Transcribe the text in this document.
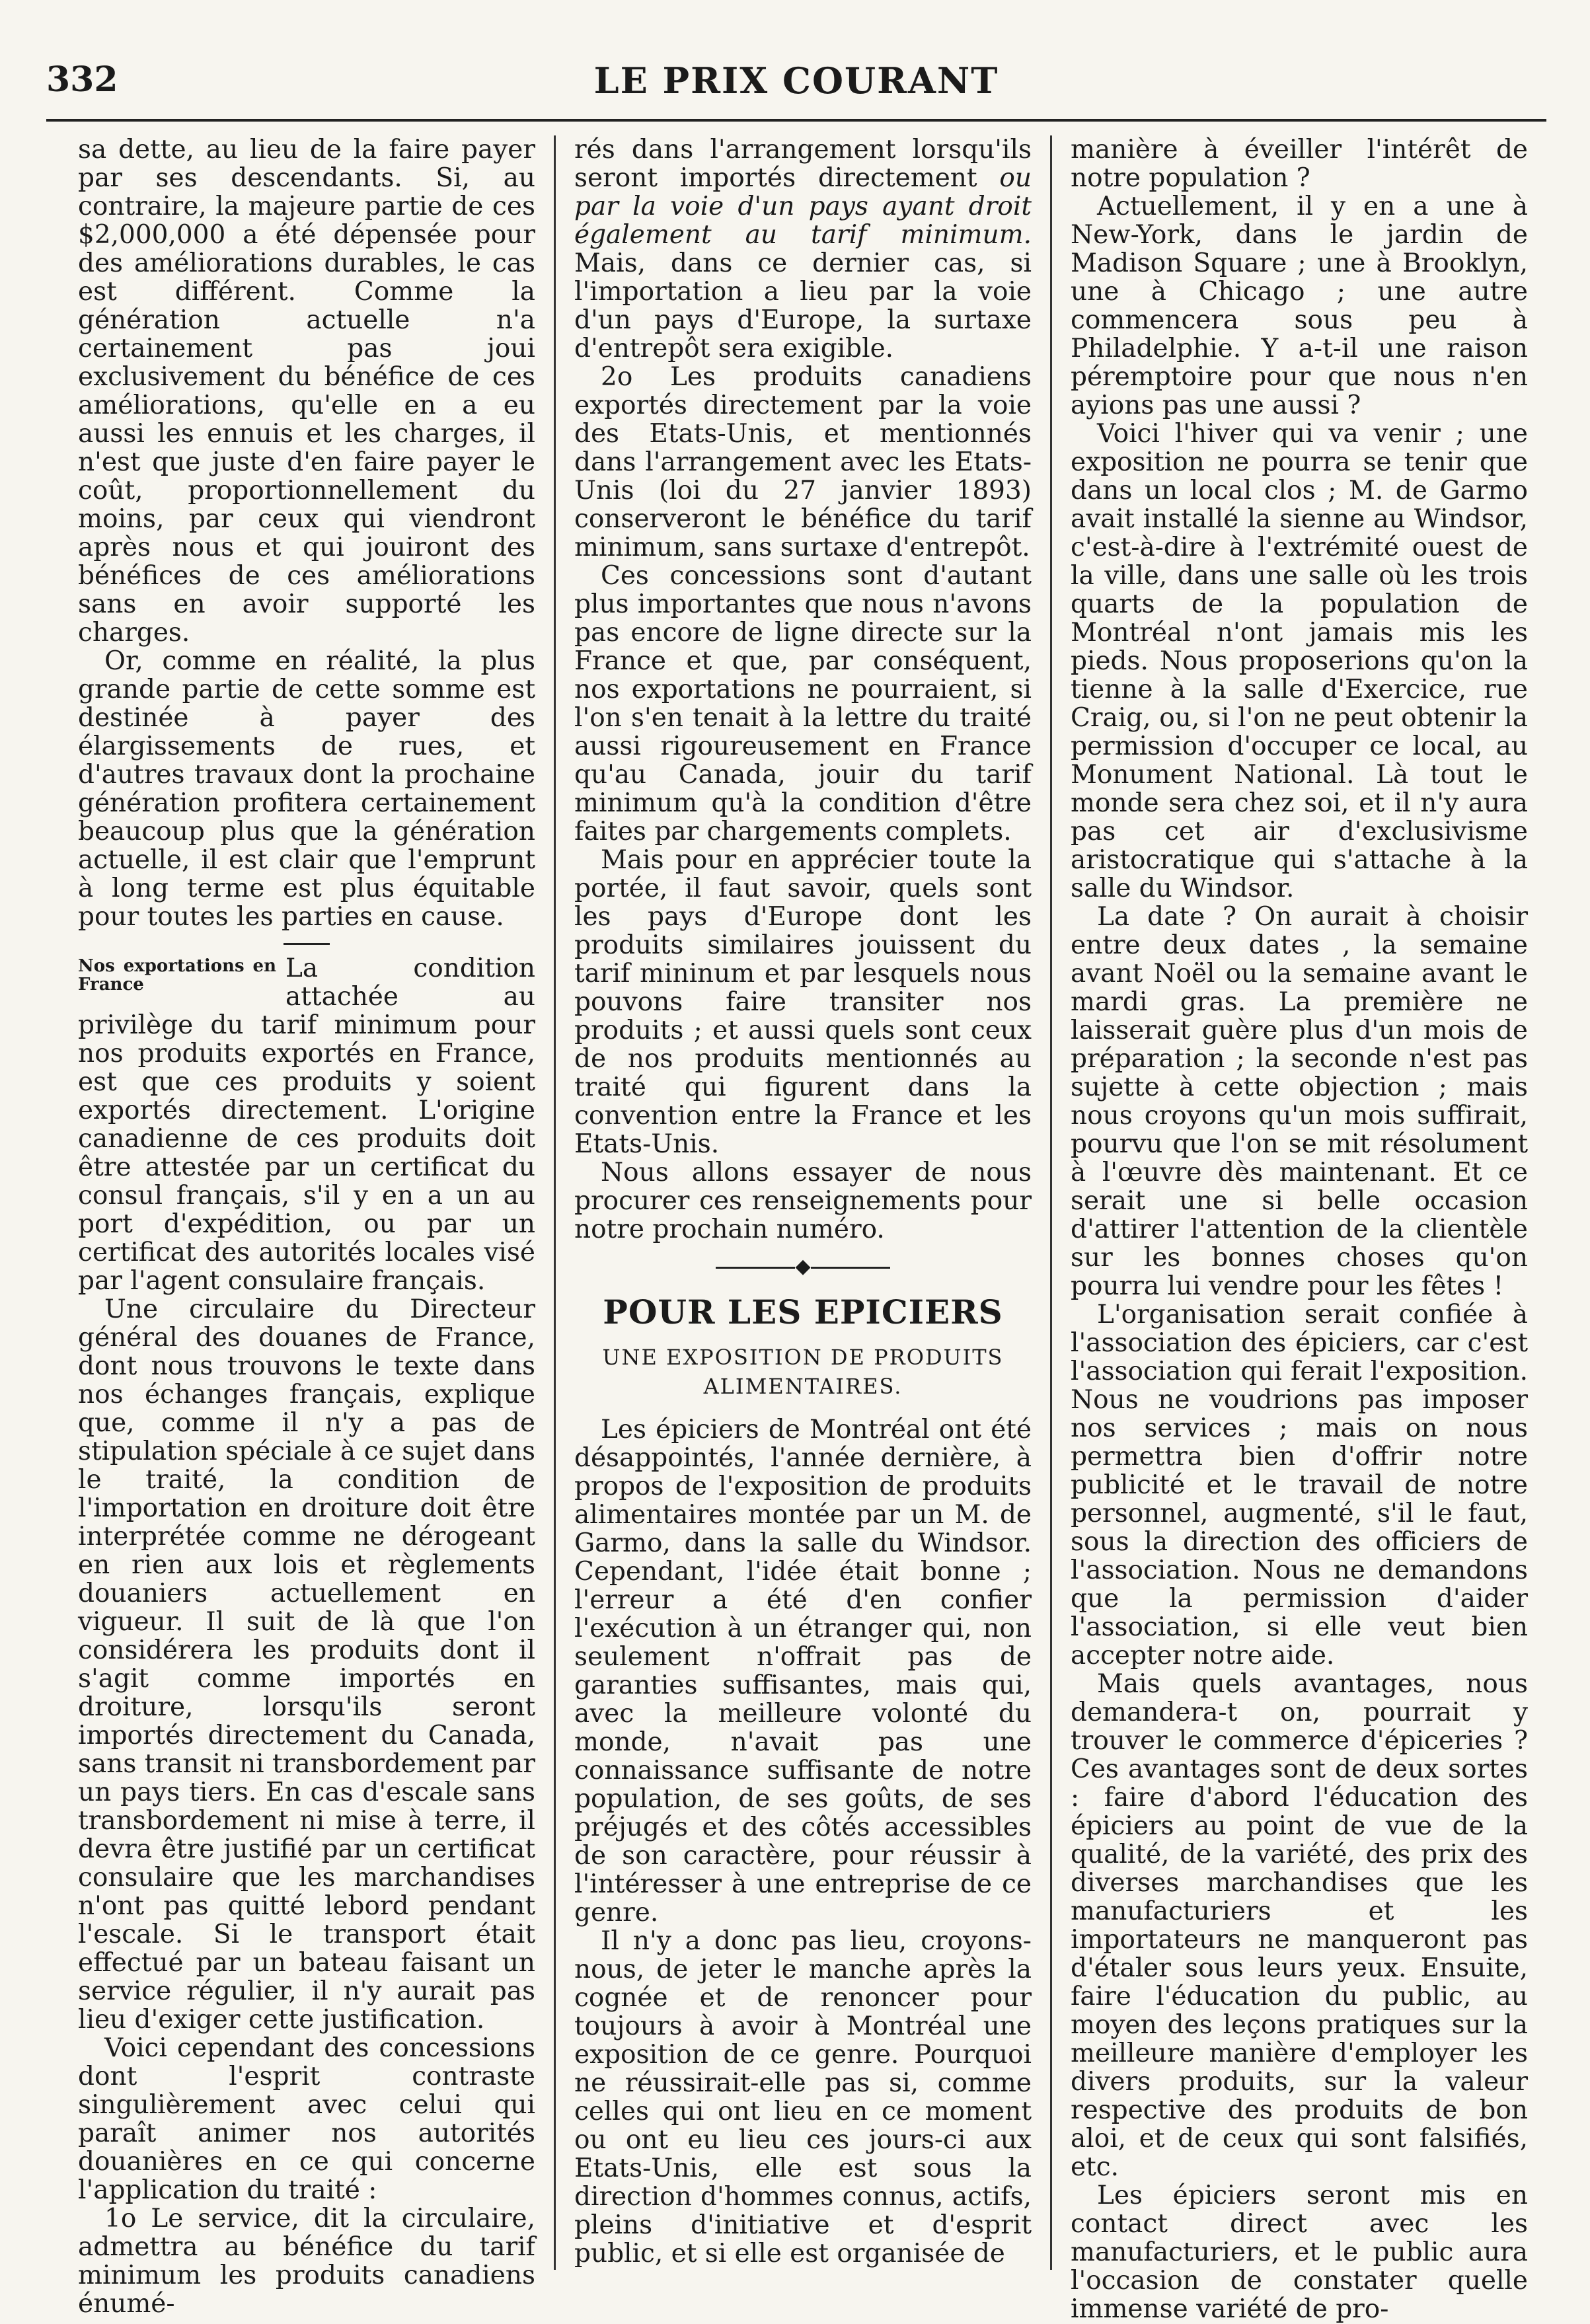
332	LE PRIX COURANT

sa dette, au lieu de la faire payer par ses descendants. Si, au contraire, la majeure partie de ces $2,000,000 a été dépensée pour des améliorations durables, le cas est différent. Comme la génération actuelle n'a certainement pas joui exclusivement du bénéfice de ces améliorations, qu'elle en a eu aussi les ennuis et les charges, il n'est que juste d'en faire payer le coût, proportionnellement du moins, par ceux qui viendront après nous et qui jouiront des bénéfices de ces améliorations sans en avoir supporté les charges.

Or, comme en réalité, la plus grande partie de cette somme est destinée à payer des élargissements de rues, et d'autres travaux dont la prochaine génération profitera certainement beaucoup plus que la génération actuelle, il est clair que l'emprunt à long terme est plus équitable pour toutes les parties en cause.

Nos exportations en France
La condition attachée au privilège du tarif minimum pour nos produits exportés en France, est que ces produits y soient exportés directement. L'origine canadienne de ces produits doit être attestée par un certificat du consul français, s'il y en a un au port d'expédition, ou par un certificat des autorités locales visé par l'agent consulaire français.

Une circulaire du Directeur général des douanes de France, dont nous trouvons le texte dans nos échanges français, explique que, comme il n'y a pas de stipulation spéciale à ce sujet dans le traité, la condition de l'importation en droiture doit être interprétée comme ne dérogeant en rien aux lois et règlements douaniers actuellement en vigueur. Il suit de là que l'on considérera les produits dont il s'agit comme importés en droiture, lorsqu'ils seront importés directement du Canada, sans transit ni transbordement par un pays tiers. En cas d'escale sans transbordement ni mise à terre, il devra être justifié par un certificat consulaire que les marchandises n'ont pas quitté lebord pendant l'escale. Si le transport était effectué par un bateau faisant un service régulier, il n'y aurait pas lieu d'exiger cette justification.

Voici cependant des concessions dont l'esprit contraste singulièrement avec celui qui paraît animer nos autorités douanières en ce qui concerne l'application du traité :

1o Le service, dit la circulaire, admettra au bénéfice du tarif minimum les produits canadiens énumé-

rés dans l'arrangement lorsqu'ils seront importés directement ou par la voie d'un pays ayant droit également au tarif minimum. Mais, dans ce dernier cas, si l'importation a lieu par la voie d'un pays d'Europe, la surtaxe d'entrepôt sera exigible.

2o Les produits canadiens exportés directement par la voie des Etats-Unis, et mentionnés dans l'arrangement avec les Etats-Unis (loi du 27 janvier 1893) conserveront le bénéfice du tarif minimum, sans surtaxe d'entrepôt.

Ces concessions sont d'autant plus importantes que nous n'avons pas encore de ligne directe sur la France et que, par conséquent, nos exportations ne pourraient, si l'on s'en tenait à la lettre du traité aussi rigoureusement en France qu'au Canada, jouir du tarif minimum qu'à la condition d'être faites par chargements complets.

Mais pour en apprécier toute la portée, il faut savoir, quels sont les pays d'Europe dont les produits similaires jouissent du tarif mininum et par lesquels nous pouvons faire transiter nos produits ; et aussi quels sont ceux de nos produits mentionnés au traité qui figurent dans la convention entre la France et les Etats-Unis.

Nous allons essayer de nous procurer ces renseignements pour notre prochain numéro.

◆
POUR LES EPICIERS
UNE EXPOSITION DE PRODUITS ALIMENTAIRES.

Les épiciers de Montréal ont été désappointés, l'année dernière, à propos de l'exposition de produits alimentaires montée par un M. de Garmo, dans la salle du Windsor. Cependant, l'idée était bonne ; l'erreur a été d'en confier l'exécution à un étranger qui, non seulement n'offrait pas de garanties suffisantes, mais qui, avec la meilleure volonté du monde, n'avait pas une connaissance suffisante de notre population, de ses goûts, de ses préjugés et des côtés accessibles de son caractère, pour réussir à l'intéresser à une entreprise de ce genre.

Il n'y a donc pas lieu, croyons-nous, de jeter le manche après la cognée et de renoncer pour toujours à avoir à Montréal une exposition de ce genre. Pourquoi ne réussirait-elle pas si, comme celles qui ont lieu en ce moment ou ont eu lieu ces jours-ci aux Etats-Unis, elle est sous la direction d'hommes connus, actifs, pleins d'initiative et d'esprit public, et si elle est organisée de

manière à éveiller l'intérêt de notre population ?

Actuellement, il y en a une à New-York, dans le jardin de Madison Square ; une à Brooklyn, une à Chicago ; une autre commencera sous peu à Philadelphie. Y a-t-il une raison péremptoire pour que nous n'en ayions pas une aussi ?

Voici l'hiver qui va venir ; une exposition ne pourra se tenir que dans un local clos ; M. de Garmo avait installé la sienne au Windsor, c'est-à-dire à l'extrémité ouest de la ville, dans une salle où les trois quarts de la population de Montréal n'ont jamais mis les pieds. Nous proposerions qu'on la tienne à la salle d'Exercice, rue Craig, ou, si l'on ne peut obtenir la permission d'occuper ce local, au Monument National. Là tout le monde sera chez soi, et il n'y aura pas cet air d'exclusivisme aristocratique qui s'attache à la salle du Windsor.

La date ? On aurait à choisir entre deux dates , la semaine avant Noël ou la semaine avant le mardi gras. La première ne laisserait guère plus d'un mois de préparation ; la seconde n'est pas sujette à cette objection ; mais nous croyons qu'un mois suffirait, pourvu que l'on se mit résolument à l'œuvre dès maintenant. Et ce serait une si belle occasion d'attirer l'attention de la clientèle sur les bonnes choses qu'on pourra lui vendre pour les fêtes !

L'organisation serait confiée à l'association des épiciers, car c'est l'association qui ferait l'exposition. Nous ne voudrions pas imposer nos services ; mais on nous permettra bien d'offrir notre publicité et le travail de notre personnel, augmenté, s'il le faut, sous la direction des officiers de l'association. Nous ne demandons que la permission d'aider l'association, si elle veut bien accepter notre aide.

Mais quels avantages, nous demandera-t on, pourrait y trouver le commerce d'épiceries ? Ces avantages sont de deux sortes : faire d'abord l'éducation des épiciers au point de vue de la qualité, de la variété, des prix des diverses marchandises que les manufacturiers et les importateurs ne manqueront pas d'étaler sous leurs yeux. Ensuite, faire l'éducation du public, au moyen des leçons pratiques sur la meilleure manière d'employer les divers produits, sur la valeur respective des produits de bon aloi, et de ceux qui sont falsifiés, etc.

Les épiciers seront mis en contact direct avec les manufacturiers, et le public aura l'occasion de constater quelle immense variété de pro-
